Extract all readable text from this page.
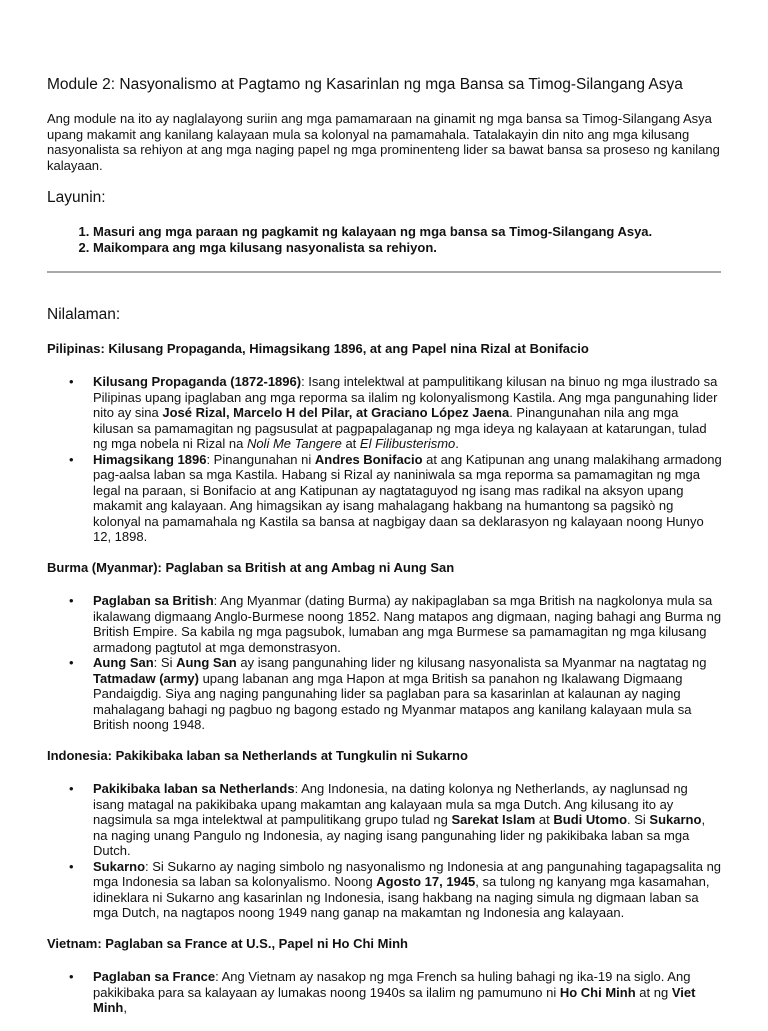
Module 2: Nasyonalismo at Pagtamo ng Kasarinlan ng mga Bansa sa Timog-Silangang Asya

Ang module na ito ay naglalayong suriin ang mga pamamaraan na ginamit ng mga bansa sa Timog-Silangang Asya upang makamit ang kanilang kalayaan mula sa kolonyal na pamamahala. Tatalakayin din nito ang mga kilusang nasyonalista sa rehiyon at ang mga naging papel ng mga prominenteng lider sa bawat bansa sa proseso ng kanilang kalayaan.

Layunin:
1. Masuri ang mga paraan ng pagkamit ng kalayaan ng mga bansa sa Timog-Silangang Asya.
2. Maikompara ang mga kilusang nasyonalista sa rehiyon.
Nilalaman:
Pilipinas: Kilusang Propaganda, Himagsikang 1896, at ang Papel nina Rizal at Bonifacio
• Kilusang Propaganda (1872-1896): Isang intelektwal at pampulitikang kilusan na binuo ng mga ilustrado sa Pilipinas upang ipaglaban ang mga reporma sa ilalim ng kolonyalismong Kastila. Ang mga pangunahing lider nito ay sina José Rizal, Marcelo H del Pilar, at Graciano López Jaena. Pinangunahan nila ang mga kilusan sa pamamagitan ng pagsusulat at pagpapalaganap ng mga ideya ng kalayaan at katarungan, tulad ng mga nobela ni Rizal na Noli Me Tangere at El Filibusterismo.
• Himagsikang 1896: Pinangunahan ni Andres Bonifacio at ang Katipunan ang unang malakihang armadong pag-aalsa laban sa mga Kastila. Habang si Rizal ay naniniwala sa mga reporma sa pamamagitan ng mga legal na paraan, si Bonifacio at ang Katipunan ay nagtataguyod ng isang mas radikal na aksyon upang makamit ang kalayaan. Ang himagsikan ay isang mahalagang hakbang na humantong sa pagsikò ng kolonyal na pamamahala ng Kastila sa bansa at nagbigay daan sa deklarasyon ng kalayaan noong Hunyo 12, 1898.
Burma (Myanmar): Paglaban sa British at ang Ambag ni Aung San
• Paglaban sa British: Ang Myanmar (dating Burma) ay nakipaglaban sa mga British na nagkolonya mula sa ikalawang digmaang Anglo-Burmese noong 1852. Nang matapos ang digmaan, naging bahagi ang Burma ng British Empire. Sa kabila ng mga pagsubok, lumaban ang mga Burmese sa pamamagitan ng mga kilusang armadong pagtutol at mga demonstrasyon.
• Aung San: Si Aung San ay isang pangunahing lider ng kilusang nasyonalista sa Myanmar na nagtatag ng Tatmadaw (army) upang labanan ang mga Hapon at mga British sa panahon ng Ikalawang Digmaang Pandaigdig. Siya ang naging pangunahing lider sa paglaban para sa kasarinlan at kalaunan ay naging mahalagang bahagi ng pagbuo ng bagong estado ng Myanmar matapos ang kanilang kalayaan mula sa British noong 1948.
Indonesia: Pakikibaka laban sa Netherlands at Tungkulin ni Sukarno
• Pakikibaka laban sa Netherlands: Ang Indonesia, na dating kolonya ng Netherlands, ay naglunsad ng isang matagal na pakikibaka upang makamtan ang kalayaan mula sa mga Dutch. Ang kilusang ito ay nagsimula sa mga intelektwal at pampulitikang grupo tulad ng Sarekat Islam at Budi Utomo. Si Sukarno, na naging unang Pangulo ng Indonesia, ay naging isang pangunahing lider ng pakikibaka laban sa mga Dutch.
• Sukarno: Si Sukarno ay naging simbolo ng nasyonalismo ng Indonesia at ang pangunahing tagapagsalita ng mga Indonesia sa laban sa kolonyalismo. Noong Agosto 17, 1945, sa tulong ng kanyang mga kasamahan, idineklara ni Sukarno ang kasarinlan ng Indonesia, isang hakbang na naging simula ng digmaan laban sa mga Dutch, na nagtapos noong 1949 nang ganap na makamtan ng Indonesia ang kalayaan.
Vietnam: Paglaban sa France at U.S., Papel ni Ho Chi Minh
• Paglaban sa France: Ang Vietnam ay nasakop ng mga French sa huling bahagi ng ika-19 na siglo. Ang pakikibaka para sa kalayaan ay lumakas noong 1940s sa ilalim ng pamumuno ni Ho Chi Minh at ng Viet Minh,
